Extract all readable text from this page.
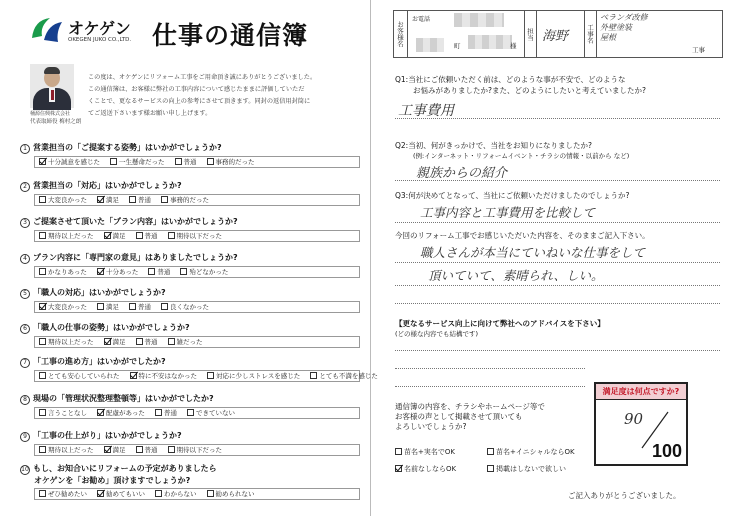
オケゲン
OKEGEN JUKO CO.,LTD. 仕事の通信簿
桶源住興株式会社
代表取締役 梅村之朗
この度は、オケゲンにリフォーム工事をご用命頂き誠にありがとうございました。
この通信簿は、お客様に弊社の工事内容について感じたままに評価していただ
くことで、更なるサービスの向上の参考にさせて頂きます。同封の返信用封筒に
てご返送下さいます様お願い申し上げます。
1 営業担当の「ご提案する姿勢」はいかがでしょうか?
十分誠意を感じた	一生懸命だった	普通	事務的だった
2 営業担当の「対応」はいかがでしょうか?
大変良かった	満足	普通	事務的だった
3 ご提案させて頂いた「プラン内容」はいかがでしょうか?
期待以上だった	満足	普通	期待以下だった
4 プラン内容に「専門家の意見」はありましたでしょうか?
かなりあった	十分あった	普通	殆どなかった
5 「職人の対応」はいかがでしょうか?
大変良かった	満足	普通	良くなかった
6 「職人の仕事の姿勢」はいかがでしょうか?
期待以上だった	満足	普通	雑だった
7 「工事の進め方」はいかがでしたか?
とても安心していられた	特に不安はなかった	対応に少しストレスを感じた	とても不満を感じた
8 現場の「管理状況整理整頓等」はいかがでしたか?
言うことなし	配慮があった	普通	できていない
9 「工事の仕上がり」はいかがでしょうか?
期待以上だった	満足	普通	期待以下だった
10 もし、お知合いにリフォームの予定がありましたら
オケゲンを「お勧め」頂けますでしょうか?
ぜひ勧めたい	勧めてもいい	わからない	勧められない
お客様名
お電話
町	様
担当 海野	工事名
ベランダ改修
外壁塗装
屋根
工事
Q1:当社にご依頼いただく前は、どのような事が不安で、どのような
お悩みがありましたか?また、どのようにしたいと考えていましたか?
工事費用
Q2:当初、何がきっかけで、当社をお知りになりましたか?
(例:インターネット・リフォームイベント・チラシの情報・以前から など)
親族からの紹介
Q3:何が決めてとなって、当社にご依頼いただけましたのでしょうか?
工事内容と工事費用を比較して
今回のリフォーム工事でお感じいただいた内容を、そのままご記入下さい。
職人さんが本当にていねいな仕事をして
頂いていて、素晴られ、しい。
【更なるサービス向上に向けて弊社へのアドバイスを下さい】
(どの様な内容でも結構です)
通信簿の内容を、チラシやホームページ等で
お客様の声として掲載させて頂いても
よろしいでしょうか?
苗名+実名でOK	苗名+イニシャルならOK
名前なしならOK	掲載はしないで欲しい
満足度は何点ですか?
90
100
ご記入ありがとうございました。
